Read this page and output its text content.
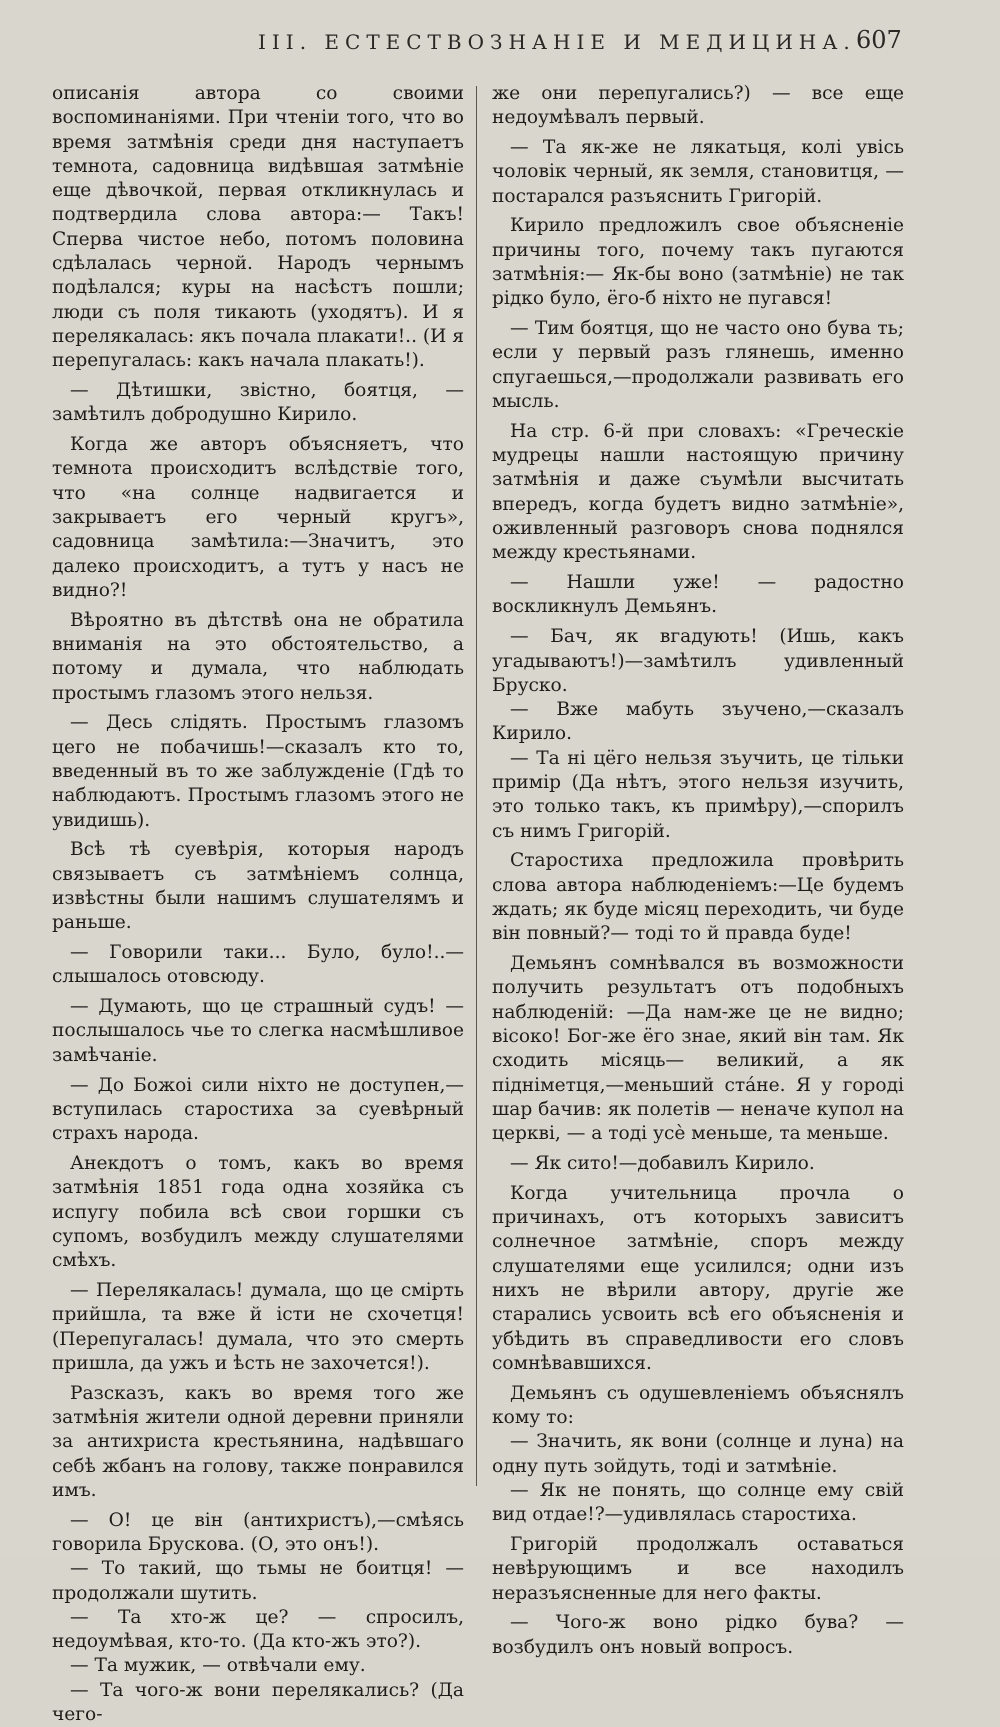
III. ЕСТЕСТВОЗНАНІЕ И МЕДИЦИНА. 607

описанія автора со своими воспоминаніями. При чтеніи того, что во время затмѣнія среди дня наступаетъ темнота, садовница видѣвшая затмѣніе еще дѣвочкой, первая откликнулась и подтвердила слова автора:— Такъ! Сперва чистое небо, потомъ половина сдѣлалась черной. Народъ чернымъ подѣлался; куры на насѣстъ пошли; люди съ поля тикають (уходятъ). И я перелякалась: якъ почала плакати!.. (И я перепугалась: какъ начала плакать!).

— Дѣтишки, звiстно, боятця, — замѣтилъ добродушно Кирило.

Когда же авторъ объясняетъ, что темнота происходитъ вслѣдствіе того, что «на солнце надвигается и закрываетъ его черный кругъ», садовница замѣтила:—Значитъ, это далеко происходитъ, а тутъ у насъ не видно?!

Вѣроятно въ дѣтствѣ она не обратила вниманія на это обстоятельство, а потому и думала, что наблюдать простымъ глазомъ этого нельзя.

— Десь слiдять. Простымъ глазомъ цего не побачишь!—сказалъ кто то, введенный въ то же заблужденіе (Гдѣ то наблюдаютъ. Простымъ глазомъ этого не увидишь).

Всѣ тѣ суевѣрія, которыя народъ связываетъ съ затмѣніемъ солнца, извѣстны были нашимъ слушателямъ и раньше.

— Говорили таки... Було, було!..—слышалось отовсюду.

— Думають, що це страшный судъ! — послышалось чье то слегка насмѣшливое замѣчаніе.

— До Божоi сили нiхто не доступен,—вступилась старостиха за суевѣрный страхъ народа.

Анекдотъ о томъ, какъ во время затмѣнія 1851 года одна хозяйка съ испугу побила всѣ свои горшки съ супомъ, возбудилъ между слушателями смѣхъ.

— Перелякалась! думала, що це смiрть прийшла, та вже й iсти не схочетця! (Перепугалась! думала, что это смерть пришла, да ужъ и ѣсть не захочется!).

Разсказъ, какъ во время того же затмѣнія жители одной деревни приняли за антихриста крестьянина, надѣвшаго себѣ жбанъ на голову, также понравился имъ.

— О! це вiн (антихристъ),—смѣясь говорила Брускова. (О, это онъ!).

— То такий, що тьмы не боитця! — продолжали шутить.

— Та хто-ж це? — спросилъ, недоумѣвая, кто-то. (Да кто-жъ это?).

— Та мужик, — отвѣчали ему.

— Та чого-ж вони перелякались? (Да чего-

же они перепугались?) — все еще недоумѣвалъ первый.

— Та як-же не лякатьця, колi увiсь чоловiк черный, як земля, становитця, — постарался разъяснить Григорiй.

Кирило предложилъ свое объясненіе причины того, почему такъ пугаются затмѣнія:— Як-бы воно (затмѣніе) не так рiдко було, ёго-б нiхто не пугався!

— Тим боятця, що не часто оно бува ть; если у первый разъ глянешь, именно спугаешься,—продолжали развивать его мысль.

На стр. 6-й при словахъ: «Греческіе мудрецы нашли настоящую причину затмѣнія и даже съумѣли высчитать впередъ, когда будетъ видно затмѣніе», оживленный разговоръ снова поднялся между крестьянами.

— Нашли уже! — радостно воскликнулъ Демьянъ.

— Бач, як вгадують! (Ишь, какъ угадываютъ!)—замѣтилъ удивленный Бруско.

— Вже мабуть зъучено,—сказалъ Кирило.

— Та нi цёго нельзя зъучить, це тiльки примiр (Да нѣтъ, этого нельзя изучить, это только такъ, къ примѣру),—спорилъ съ нимъ Григорiй.

Старостиха предложила провѣрить слова автора наблюденіемъ:—Це будемъ ждать; як буде мiсяц переходить, чи буде вiн повный?— тодi то й правда буде!

Демьянъ сомнѣвался въ возможности получить результатъ отъ подобныхъ наблюденій: —Да нам-же це не видно; вiсоко! Бог-же ёго знае, який вiн там. Як сходить мiсяць— великий, а як пiднiметця,—меньший стáне. Я у городi шар бачив: як полетiв — неначе купол на церквi, — а тодi усѐ меньше, та меньше.

— Як сито!—добавилъ Кирило.

Когда учительница прочла о причинахъ, отъ которыхъ зависитъ солнечное затмѣніе, споръ между слушателями еще усилился; одни изъ нихъ не вѣрили автору, другіе же старались усвоить всѣ его объясненія и убѣдить въ справедливости его словъ сомнѣвавшихся.

Демьянъ съ одушевленіемъ объяснялъ кому то:

— Значить, як вони (солнце и луна) на одну путь зойдуть, тодi и затмѣніе.

— Як не понять, що солнце ему свiй вид отдае!?—удивлялась старостиха.

Григорiй продолжалъ оставаться невѣрующимъ и все находилъ неразъясненные для него факты.

— Чого-ж воно рiдко бува? — возбудилъ онъ новый вопросъ.
